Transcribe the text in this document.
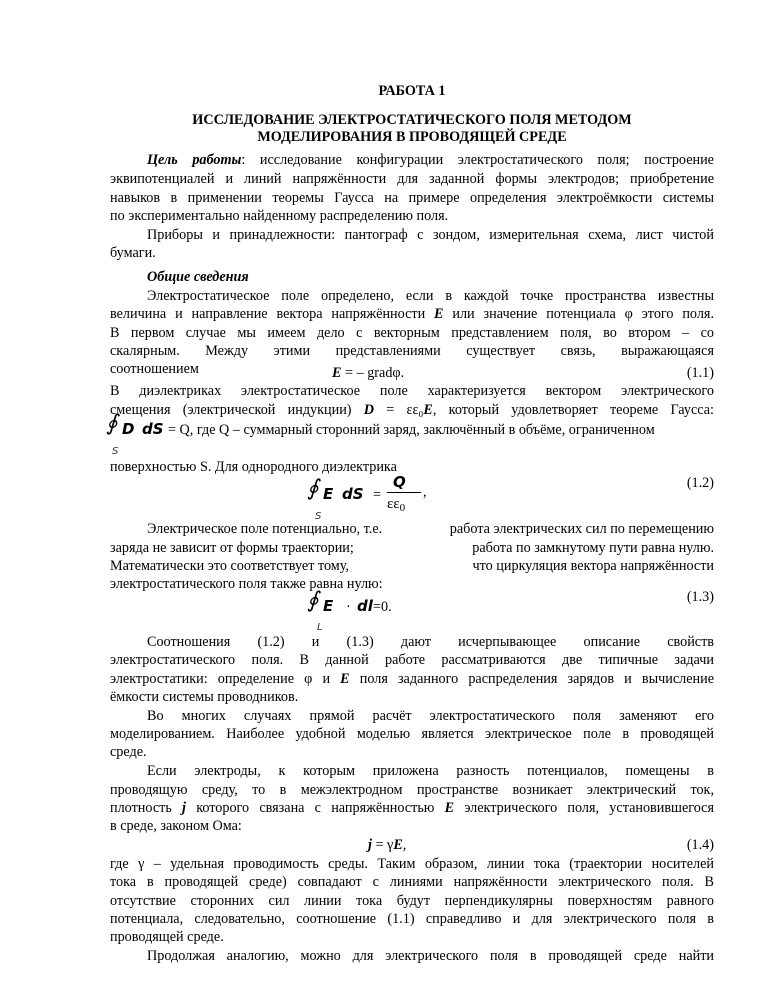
РАБОТА 1
ИССЛЕДОВАНИЕ ЭЛЕКТРОСТАТИЧЕСКОГО ПОЛЯ МЕТОДОМ
МОДЕЛИРОВАНИЯ В ПРОВОДЯЩЕЙ СРЕДЕ
Цель работы: исследование конфигурации электростатического поля; построение
эквипотенциалей и линий напряжённости для заданной формы электродов; приобретение
навыков в применении теоремы Гаусса на примере определения электроёмкости системы
по экспериментально найденному распределению поля.
Приборы и принадлежности: пантограф с зондом, измерительная схема, лист чистой
бумаги.
Общие сведения
Электростатическое поле определено, если в каждой точке пространства известны
величина и направление вектора напряжённости E или значение потенциала φ этого поля.
В первом случае мы имеем дело с векторным представлением поля, во втором – со
скалярным. Между этими представлениями существует связь, выражающаяся
соотношением	E = – gradφ.	(1.1)
В диэлектриках электростатическое поле характеризуется вектором электрического
смещения (электрической индукции) D = εε₀E, который удовлетворяет теореме Гаусса:
∮ D dS = Q, где Q – суммарный сторонний заряд, заключённый в объёме, ограниченном
S
поверхностью S. Для однородного диэлектрика
∮ E dS =
Q
$\varepsilon\varepsilon_0$
,
S
(1.2)
Электрическое поле потенциально, т.е.	работа электрических сил по перемещению
заряда не зависит от формы траектории;	работа по замкнутому пути равна нулю.
Математически это соответствует тому,	что циркуляция вектора напряжённости
электростатического поля также равна нулю:
∮ E · dl =0.
L
(1.3)
Соотношения (1.2) и (1.3) дают исчерпывающее описание свойств
электростатического поля. В данной работе рассматриваются две типичные задачи
электростатики: определение φ и E поля заданного распределения зарядов и вычисление
ёмкости системы проводников.
Во многих случаях прямой расчёт электростатического поля заменяют его
моделированием. Наиболее удобной моделью является электрическое поле в проводящей
среде.
Если электроды, к которым приложена разность потенциалов, помещены в
проводящую среду, то в межэлектродном пространстве возникает электрический ток,
плотность j которого связана с напряжённостью E электрического поля, установившегося
в среде, законом Ома:
j = γE,	(1.4)
где γ – удельная проводимость среды. Таким образом, линии тока (траектории носителей
тока в проводящей среде) совпадают с линиями напряжённости электрического поля. В
отсутствие сторонних сил линии тока будут перпендикулярны поверхностям равного
потенциала, следовательно, соотношение (1.1) справедливо и для электрического поля в
проводящей среде.
Продолжая аналогию, можно для электрического поля в проводящей среде найти
